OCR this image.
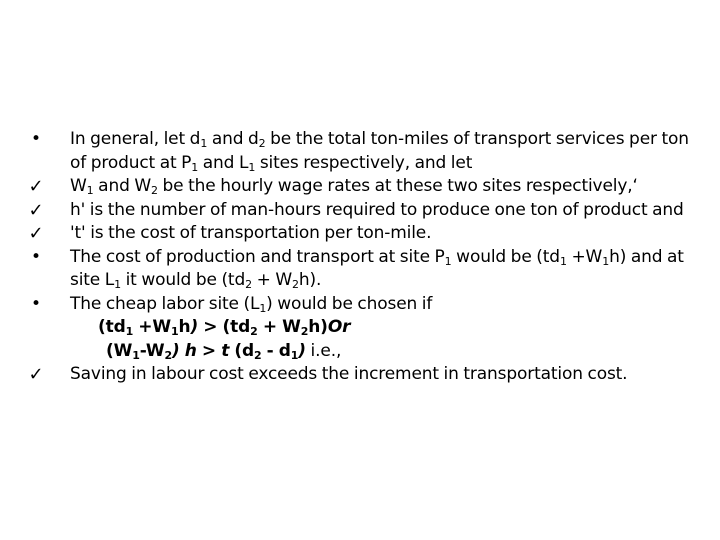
• In general, let $d_1$ and $d_2$ be the total ton-miles of transport services per ton of product at $P_1$ and $L_1$ sites respectively, and let

✓ $W_1$ and $W_2$ be the hourly wage rates at these two sites respectively,‘

✓ h' is the number of man-hours required to produce one ton of product and

✓ 't' is the cost of transportation per ton-mile.

• The cost of production and transport at site $P_1$ would be $(td_1 +W_1h)$ and at site $L_1$ it would be $(td_2 + W_2h)$.

• The cheap labor site $(L_1)$ would be chosen if

$(td_1 +W_1h) > (td_2 + W_2h)Or$

$(W_1-W_2) h > t$ $(d_2 - d_1)$ i.e.,

✓ Saving in labour cost exceeds the increment in transportation cost.
